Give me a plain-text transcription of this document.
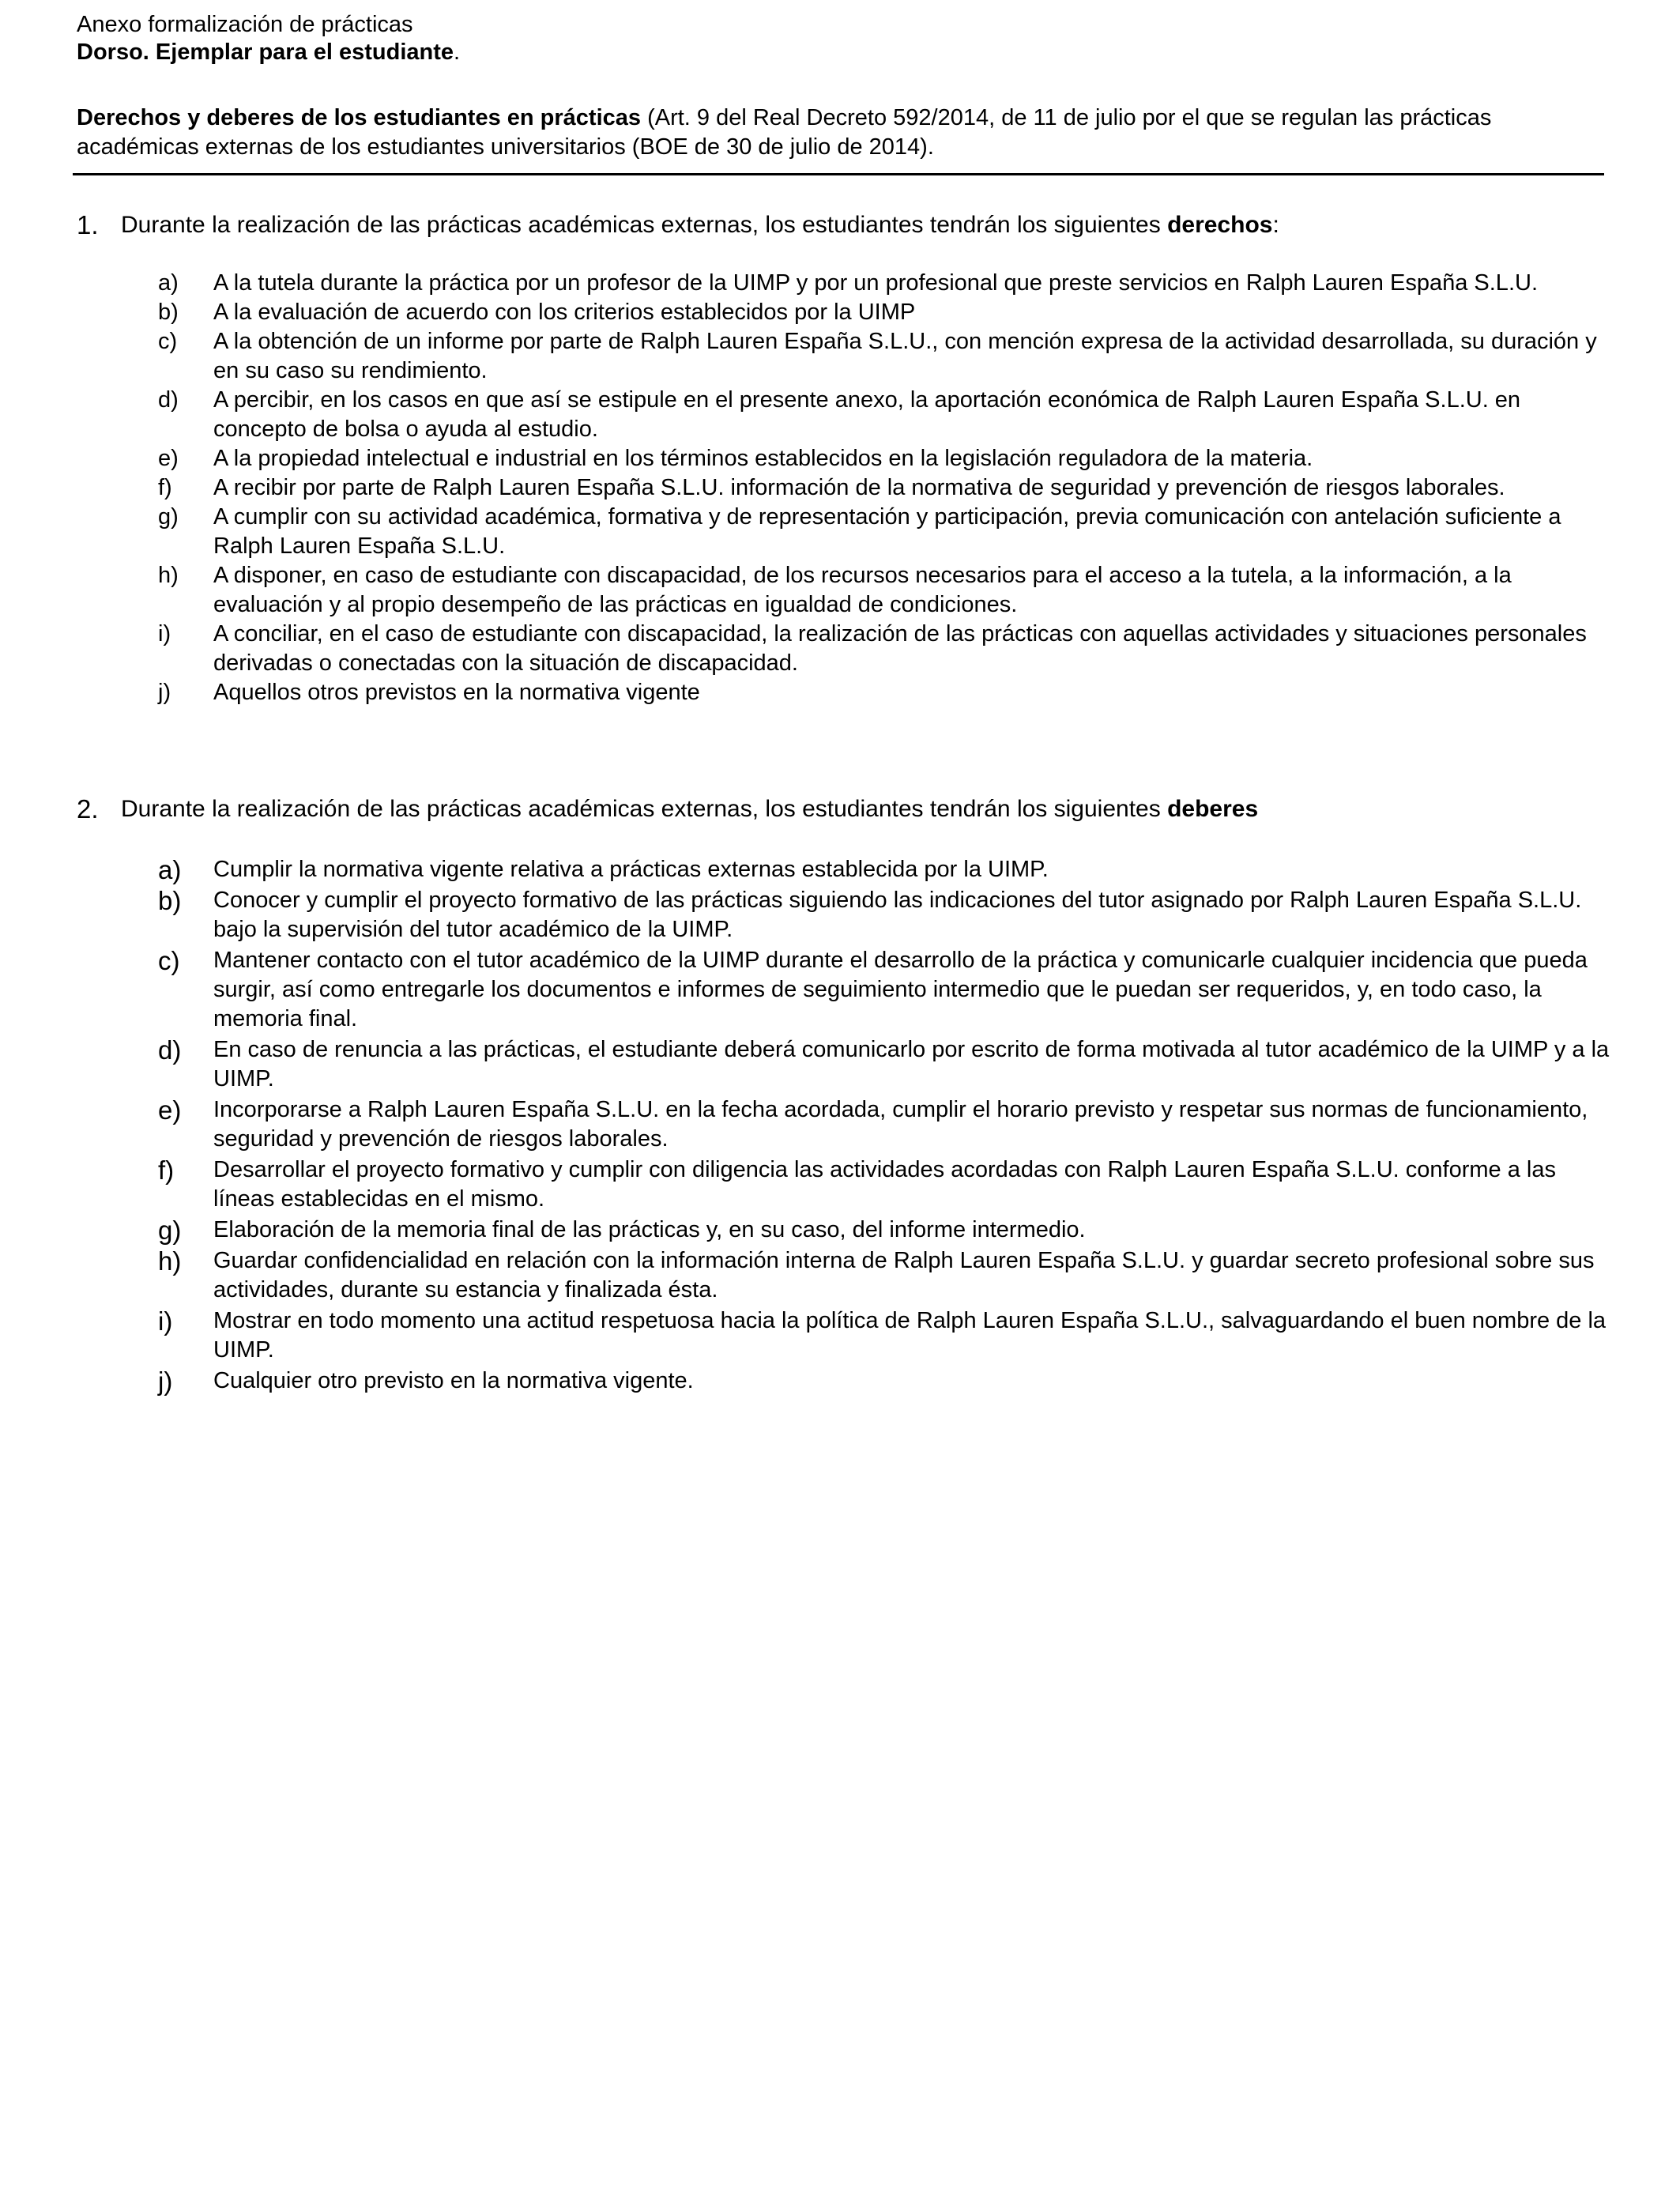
Anexo formalización de prácticas
Dorso. Ejemplar para el estudiante.
Derechos y deberes de los estudiantes en prácticas (Art. 9 del Real Decreto 592/2014, de 11 de julio por el que se regulan las prácticas académicas externas de los estudiantes universitarios (BOE de 30 de julio de 2014).
1. Durante la realización de las prácticas académicas externas, los estudiantes tendrán los siguientes derechos:
a) A la tutela durante la práctica por un profesor de la UIMP y por un profesional que preste servicios en Ralph Lauren España S.L.U.
b) A la evaluación de acuerdo con los criterios establecidos por la UIMP
c) A la obtención de un informe por parte de Ralph Lauren España S.L.U., con mención expresa de la actividad desarrollada, su duración y en su caso su rendimiento.
d) A percibir, en los casos en que así se estipule en el presente anexo, la aportación económica de Ralph Lauren España S.L.U. en concepto de bolsa o ayuda al estudio.
e) A la propiedad intelectual e industrial en los términos establecidos en la legislación reguladora de la materia.
f) A recibir por parte de Ralph Lauren España S.L.U. información de la normativa de seguridad y prevención de riesgos laborales.
g) A cumplir con su actividad académica, formativa y de representación y participación, previa comunicación con antelación suficiente a Ralph Lauren España S.L.U.
h) A disponer, en caso de estudiante con discapacidad, de los recursos necesarios para el acceso a la tutela, a la información, a la evaluación y al propio desempeño de las prácticas en igualdad de condiciones.
i) A conciliar, en el caso de estudiante con discapacidad, la realización de las prácticas con aquellas actividades y situaciones personales derivadas o conectadas con la situación de discapacidad.
j) Aquellos otros previstos en la normativa vigente
2. Durante la realización de las prácticas académicas externas, los estudiantes tendrán los siguientes deberes
a) Cumplir la normativa vigente relativa a prácticas externas establecida por la UIMP.
b) Conocer y cumplir el proyecto formativo de las prácticas siguiendo las indicaciones del tutor asignado por Ralph Lauren España S.L.U. bajo la supervisión del tutor académico de la UIMP.
c) Mantener contacto con el tutor académico de la UIMP durante el desarrollo de la práctica y comunicarle cualquier incidencia que pueda surgir, así como entregarle los documentos e informes de seguimiento intermedio que le puedan ser requeridos, y, en todo caso, la memoria final.
d) En caso de renuncia a las prácticas, el estudiante deberá comunicarlo por escrito de forma motivada al tutor académico de la UIMP y a la UIMP.
e) Incorporarse a Ralph Lauren España S.L.U. en la fecha acordada, cumplir el horario previsto y respetar sus normas de funcionamiento, seguridad y prevención de riesgos laborales.
f) Desarrollar el proyecto formativo y cumplir con diligencia las actividades acordadas con Ralph Lauren España S.L.U. conforme a las líneas establecidas en el mismo.
g) Elaboración de la memoria final de las prácticas y, en su caso, del informe intermedio.
h) Guardar confidencialidad en relación con la información interna de Ralph Lauren España S.L.U. y guardar secreto profesional sobre sus actividades, durante su estancia y finalizada ésta.
i) Mostrar en todo momento una actitud respetuosa hacia la política de Ralph Lauren España S.L.U., salvaguardando el buen nombre de la UIMP.
j) Cualquier otro previsto en la normativa vigente.
